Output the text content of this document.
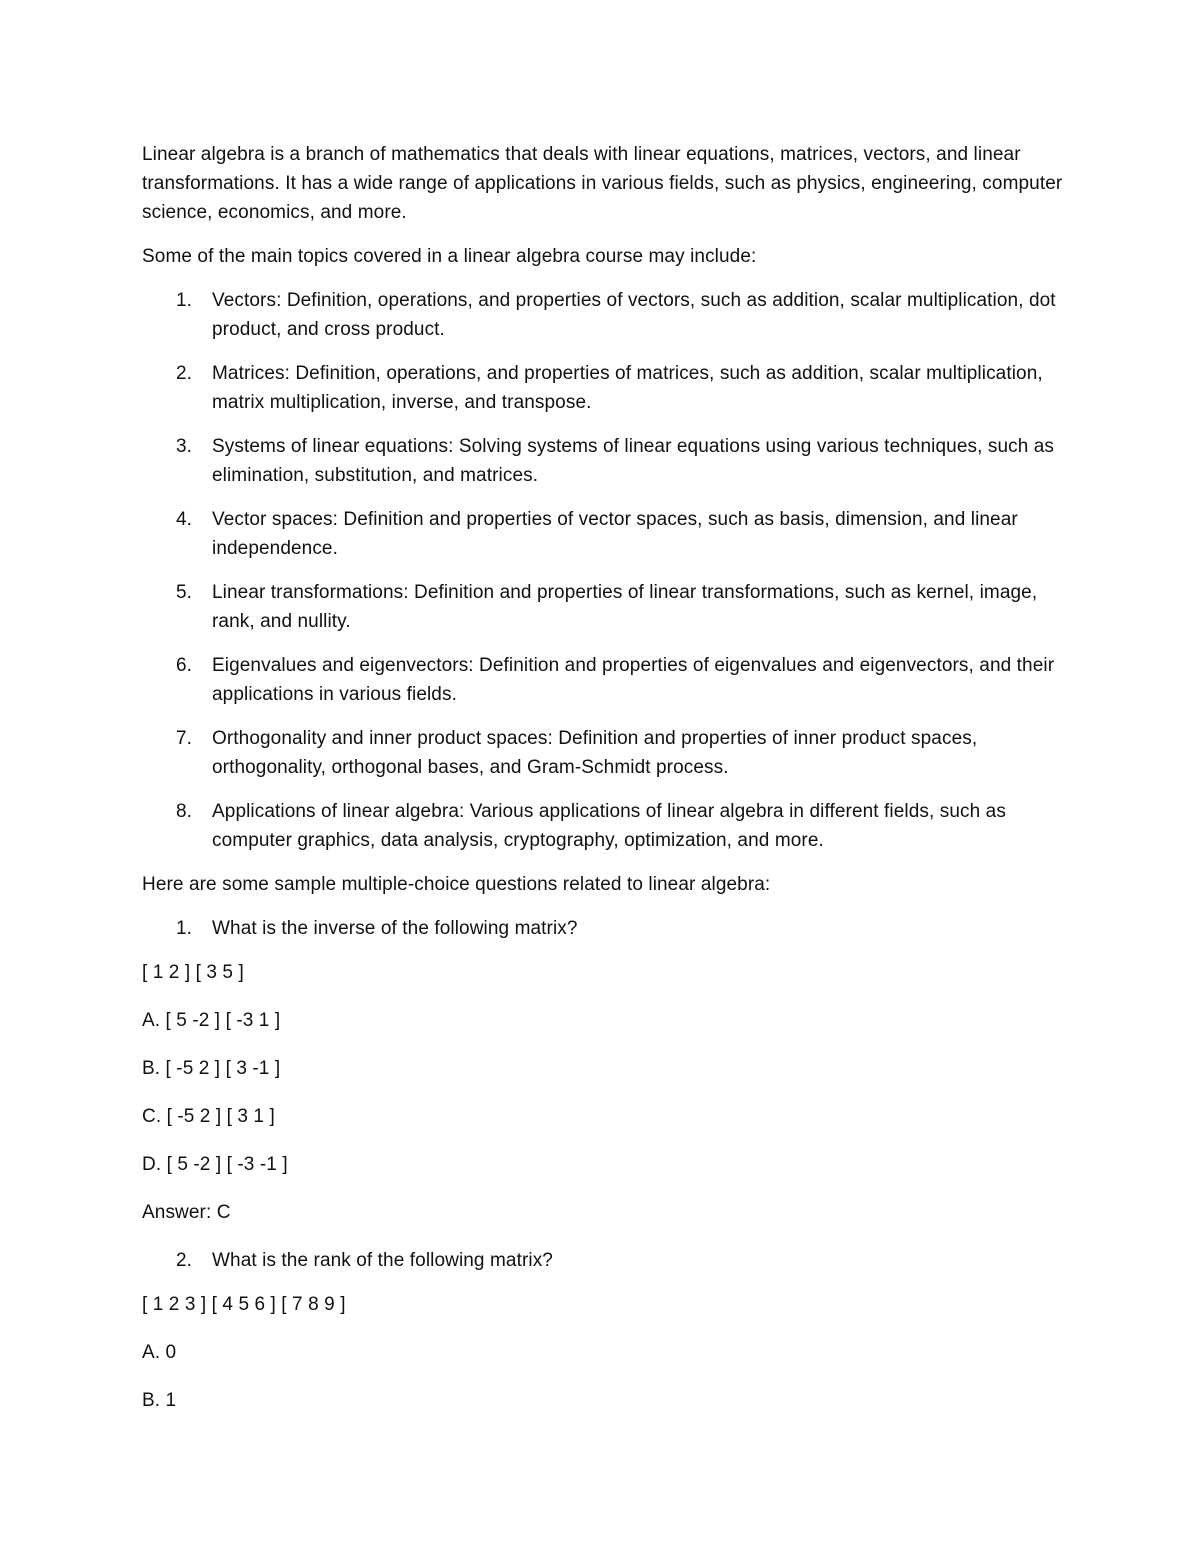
Linear algebra is a branch of mathematics that deals with linear equations, matrices, vectors, and linear transformations. It has a wide range of applications in various fields, such as physics, engineering, computer science, economics, and more.

Some of the main topics covered in a linear algebra course may include:

1. Vectors: Definition, operations, and properties of vectors, such as addition, scalar multiplication, dot product, and cross product.
2. Matrices: Definition, operations, and properties of matrices, such as addition, scalar multiplication, matrix multiplication, inverse, and transpose.
3. Systems of linear equations: Solving systems of linear equations using various techniques, such as elimination, substitution, and matrices.
4. Vector spaces: Definition and properties of vector spaces, such as basis, dimension, and linear independence.
5. Linear transformations: Definition and properties of linear transformations, such as kernel, image, rank, and nullity.
6. Eigenvalues and eigenvectors: Definition and properties of eigenvalues and eigenvectors, and their applications in various fields.
7. Orthogonality and inner product spaces: Definition and properties of inner product spaces, orthogonality, orthogonal bases, and Gram-Schmidt process.
8. Applications of linear algebra: Various applications of linear algebra in different fields, such as computer graphics, data analysis, cryptography, optimization, and more.

Here are some sample multiple-choice questions related to linear algebra:

1. What is the inverse of the following matrix?

[ 1 2 ] [ 3 5 ]

A. [ 5 -2 ] [ -3 1 ]

B. [ -5 2 ] [ 3 -1 ]

C. [ -5 2 ] [ 3 1 ]

D. [ 5 -2 ] [ -3 -1 ]

Answer: C

2. What is the rank of the following matrix?

[ 1 2 3 ] [ 4 5 6 ] [ 7 8 9 ]

A. 0

B. 1
